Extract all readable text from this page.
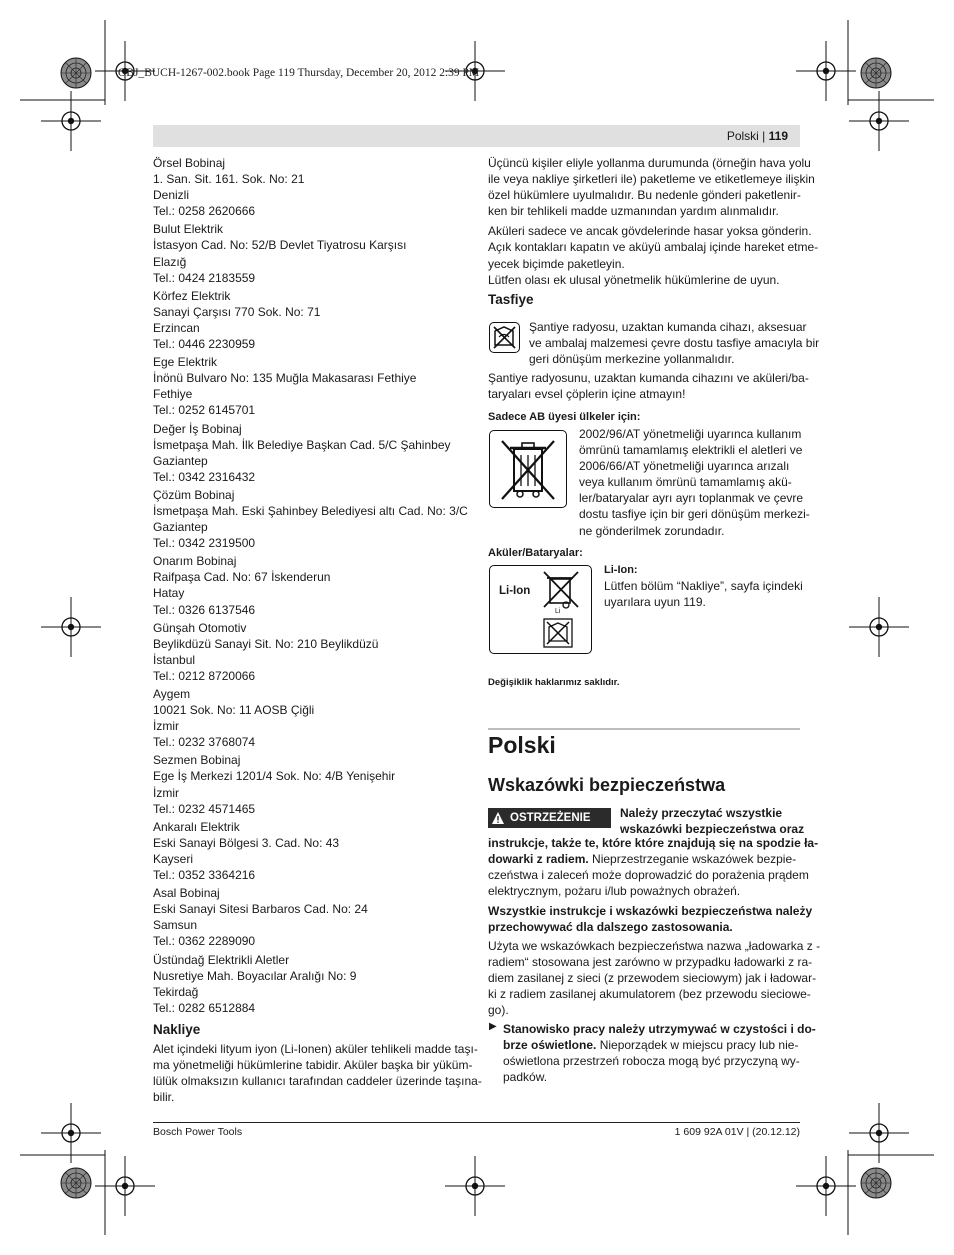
OBJ_BUCH-1267-002.book Page 119 Thursday, December 20, 2012 2:39 PM
Polski | 119
Örsel Bobinaj
1. San. Sit. 161. Sok. No: 21
Denizli
Tel.: 0258 2620666
Bulut Elektrik
İstasyon Cad. No: 52/B Devlet Tiyatrosu Karşısı
Elazığ
Tel.: 0424 2183559
Körfez Elektrik
Sanayi Çarşısı 770 Sok. No: 71
Erzincan
Tel.: 0446 2230959
Ege Elektrik
İnönü Bulvaro No: 135 Muğla Makasarası Fethiye
Fethiye
Tel.: 0252 6145701
Değer İş Bobinaj
İsmetpaşa Mah. İlk Belediye Başkan Cad. 5/C Şahinbey
Gaziantep
Tel.: 0342 2316432
Çözüm Bobinaj
İsmetpaşa Mah. Eski Şahinbey Belediyesi altı Cad. No: 3/C
Gaziantep
Tel.: 0342 2319500
Onarım Bobinaj
Raifpaşa Cad. No: 67 İskenderun
Hatay
Tel.: 0326 6137546
Günşah Otomotiv
Beylikdüzü Sanayi Sit. No: 210 Beylikdüzü
İstanbul
Tel.: 0212 8720066
Aygem
10021 Sok. No: 11 AOSB Çiğli
İzmir
Tel.: 0232 3768074
Sezmen Bobinaj
Ege İş Merkezi 1201/4 Sok. No: 4/B Yenişehir
İzmir
Tel.: 0232 4571465
Ankaralı Elektrik
Eski Sanayi Bölgesi 3. Cad. No: 43
Kayseri
Tel.: 0352 3364216
Asal Bobinaj
Eski Sanayi Sitesi Barbaros Cad. No: 24
Samsun
Tel.: 0362 2289090
Üstündağ Elektrikli Aletler
Nusretiye Mah. Boyacılar Aralığı No: 9
Tekirdağ
Tel.: 0282 6512884
Nakliye
Alet içindeki lityum iyon (Li-Ionen) aküler tehlikeli madde taşı-
ma yönetmeliği hükümlerine tabidir. Aküler başka bir yüküm-
lülük olmaksızın kullanıcı tarafından caddeler üzerinde taşına-
bilir.
Üçüncü kişiler eliyle yollanma durumunda (örneğin hava yolu
ile veya nakliye şirketleri ile) paketleme ve etiketlemeye ilişkin
özel hükümlere uyulmalıdır. Bu nedenle gönderi paketlenir-
ken bir tehlikeli madde uzmanından yardım alınmalıdır.
Aküleri sadece ve ancak gövdelerinde hasar yoksa gönderin.
Açık kontakları kapatın ve aküyü ambalaj içinde hareket etme-
yecek biçimde paketleyin.
Lütfen olası ek ulusal yönetmelik hükümlerine de uyun.
Tasfiye
Şantiye radyosu, uzaktan kumanda cihazı, aksesuar
ve ambalaj malzemesi çevre dostu tasfiye amacıyla bir
geri dönüşüm merkezine yollanmalıdır.
Şantiye radyosunu, uzaktan kumanda cihazını ve aküleri/ba-
taryaları evsel çöplerin içine atmayın!
Sadece AB üyesi ülkeler için:
2002/96/AT yönetmeliği uyarınca kullanım
ömrünü tamamlamış elektrikli el aletleri ve
2006/66/AT yönetmeliği uyarınca arızalı
veya kullanım ömrünü tamamlamış akü-
ler/bataryalar ayrı ayrı toplanmak ve çevre
dostu tasfiye için bir geri dönüşüm merkezi-
ne gönderilmek zorundadır.
Aküler/Bataryalar:
Li-Ion
Li
Li-Ion:
Lütfen bölüm “Nakliye”, sayfa içindeki
uyarılara uyun 119.
Değişiklik haklarımız saklıdır.
Polski
Wskazówki bezpieczeństwa
OSTRZEŻENIE Należy przeczytać wszystkie
wskazówki bezpieczeństwa oraz
instrukcje, także te, które które znajdują się na spodzie ła-
dowarki z radiem. Nieprzestrzeganie wskazówek bezpie-
czeństwa i zaleceń może doprowadzić do porażenia prądem
elektrycznym, pożaru i/lub poważnych obrażeń.
Wszystkie instrukcje i wskazówki bezpieczeństwa należy
przechowywać dla dalszego zastosowania.
Użyta we wskazówkach bezpieczeństwa nazwa „ładowarka z -
radiem“ stosowana jest zarówno w przypadku ładowarki z ra-
diem zasilanej z sieci (z przewodem sieciowym) jak i ładowar-
ki z radiem zasilanej akumulatorem (bez przewodu sieciowe-
go).
▶ Stanowisko pracy należy utrzymywać w czystości i do-
brze oświetlone. Nieporządek w miejscu pracy lub nie-
oświetlona przestrzeń robocza mogą być przyczyną wy-
padków.
Bosch Power Tools	1 609 92A 01V | (20.12.12)
